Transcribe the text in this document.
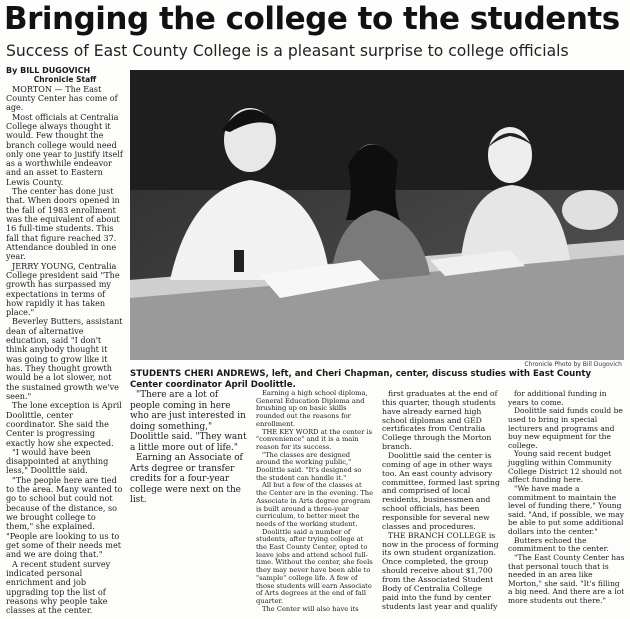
Bringing the college to the students
Success of East County College is a pleasant surprise to college officials

By BILL DUGOVICH

Chronicle Staff

MORTON — The East County Center has come of age.

Most officials at Centralia College always thought it would. Few thought the branch college would need only one year to justify itself as a worthwhile endeavor and an asset to Eastern Lewis County.

The center has done just that. When doors opened in the fall of 1983 enrollment was the equivalent of about 16 full-time students. This fall that figure reached 37. Attendance doubled in one year.

JERRY YOUNG, Centralia College president said "The growth has surpassed my expectations in terms of how rapidly it has taken place."

Beverley Butters, assistant dean of alternative education, said "I don't think anybody thought it was going to grow like it has. They thought growth would be a lot slower, not the sustained growth we've seen."

The lone exception is April Doolittle, center coordinator. She said the Center is progressing exactly how she expected.

"I would have been disappointed at anything less," Doolittle said.

"The people here are tied to the area. Many wanted to go to school but could not because of the distance, so we brought college to them," she explained. "People are looking to us to get some of their needs met and we are doing that."

A recent student survey indicated personal enrichment and job upgrading top the list of reasons why people take classes at the center.

Chronicle Photo by Bill Dugovich
STUDENTS CHERI ANDREWS, left, and Cheri Chapman, center, discuss studies with East County Center coordinator April Doolittle.

"There are a lot of people coming in here who are just interested in doing something," Doolittle said. "They want a little more out of life."

Earning an Associate of Arts degree or transfer credits for a four-year college were next on the list.

Earning a high school diploma, General Education Diploma and brushing up on basic skills rounded out the reasons for enrollment.

THE KEY WORD at the center is "convenience" and it is a main reason for its success.

"The classes are designed around the working public," Doolittle said. "It's designed so the student can handle it."

All but a few of the classes at the Center are in the evening. The Associate in Arts degree program is built around a three-year curriculum, to better meet the needs of the working student.

Doolittle said a number of students, after trying college at the East County Center, opted to leave jobs and attend school full-time. Without the center, she feels they may never have been able to "sample" college life. A few of those students will earn Associate of Arts degrees at the end of fall quarter.

The Center will also have its

first graduates at the end of this quarter, though students have already earned high school diplomas and GED certificates from Centralia College through the Morton branch.

Doolittle said the center is coming of age in other ways too. An east county advisory committee, formed last spring and comprised of local residents, businessmen and school officials, has been responsible for several new classes and procedures.

THE BRANCH COLLEGE is now in the process of forming its own student organization. Once completed, the group should receive about $1,700 from the Associated Student Body of Centralia College paid into the fund by center students last year and qualify

for additional funding in years to come.

Doolittle said funds could be used to bring in special lecturers and programs and buy new equipment for the college.

Young said recent budget juggling within Community College District 12 should not affect funding here.

"We have made a commitment to maintain the level of funding there," Young said. "And, if possible, we may be able to put some additional dollars into the center."

Butters echoed the commitment to the center.

"The East County Center has that personal touch that is needed in an area like Morton," she said. "It's filling a big need. And there are a lot more students out there."
